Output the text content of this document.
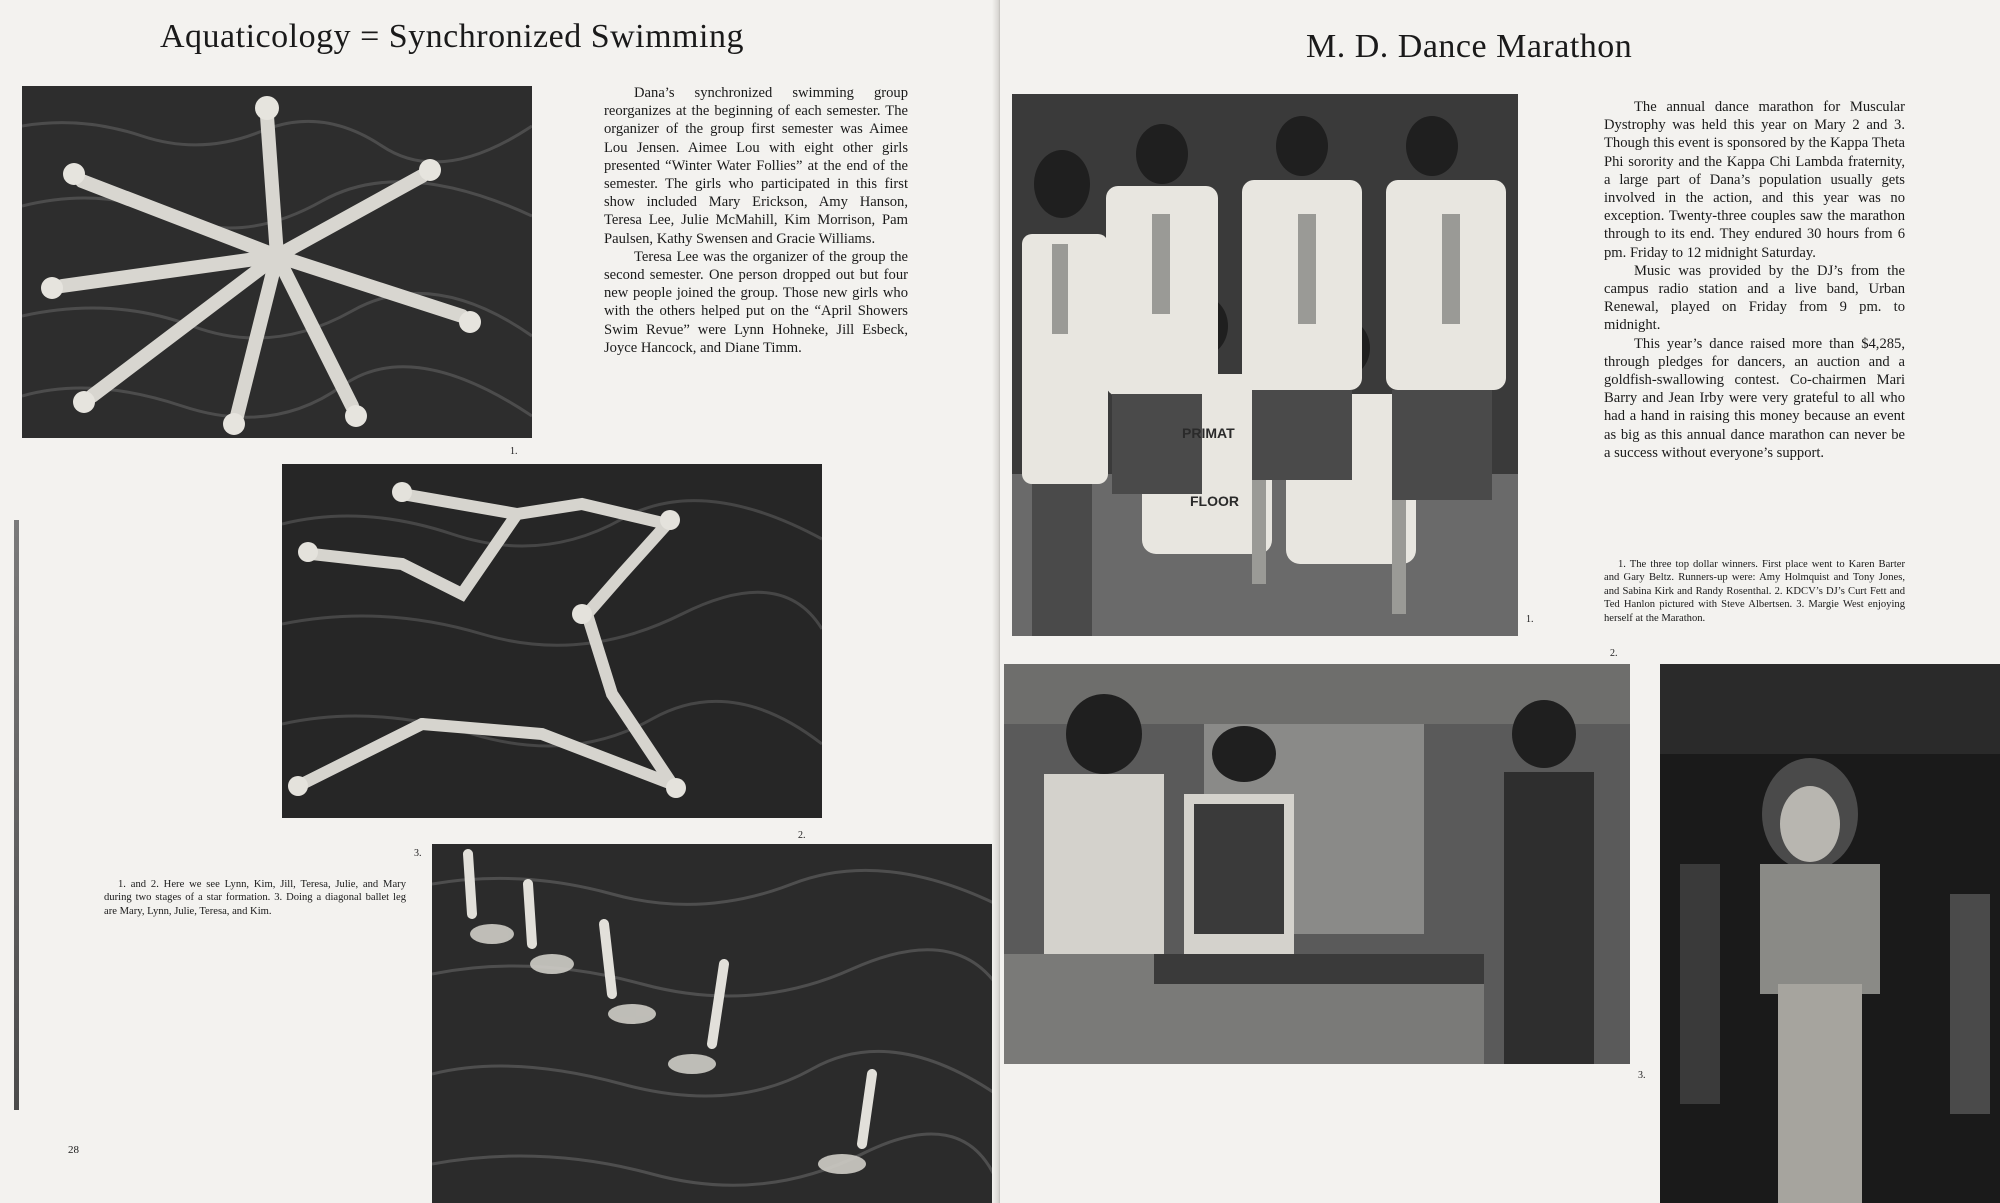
Aquaticology = Synchronized Swimming
1.

Dana’s synchronized swimming group reorganizes at the beginning of each semester. The organizer of the group first semester was Aimee Lou Jensen. Aimee Lou with eight other girls presented “Winter Water Follies” at the end of the semester. The girls who participated in this first show included Mary Erickson, Amy Hanson, Teresa Lee, Julie McMahill, Kim Morrison, Pam Paulsen, Kathy Swensen and Gracie Williams.

Teresa Lee was the organizer of the group the second semester. One person dropped out but four new people joined the group. Those new girls who with the others helped put on the “April Showers Swim Revue” were Lynn Hohneke, Jill Esbeck, Joyce Hancock, and Diane Timm.

2.
3.

1. and 2. Here we see Lynn, Kim, Jill, Teresa, Julie, and Mary during two stages of a star formation. 3. Doing a diagonal ballet leg are Mary, Lynn, Julie, Teresa, and Kim.

28
M. D. Dance Marathon
PRIMAT
FLOOR
1.

The annual dance marathon for Muscular Dystrophy was held this year on Mary 2 and 3. Though this event is sponsored by the Kappa Theta Phi sorority and the Kappa Chi Lambda fraternity, a large part of Dana’s population usually gets involved in the action, and this year was no exception. Twenty-three couples saw the marathon through to its end. They endured 30 hours from 6 pm. Friday to 12 midnight Saturday.

Music was provided by the DJ’s from the campus radio station and a live band, Urban Renewal, played on Friday from 9 pm. to midnight.

This year’s dance raised more than $4,285, through pledges for dancers, an auction and a goldfish-swallowing contest. Co-chairmen Mari Barry and Jean Irby were very grateful to all who had a hand in raising this money because an event as big as this annual dance marathon can never be a success without everyone’s support.

1. The three top dollar winners. First place went to Karen Barter and Gary Beltz. Runners-up were: Amy Holmquist and Tony Jones, and Sabina Kirk and Randy Rosenthal. 2. KDCV’s DJ’s Curt Fett and Ted Hanlon pictured with Steve Albertsen. 3. Margie West enjoying herself at the Marathon.

2.
3.
